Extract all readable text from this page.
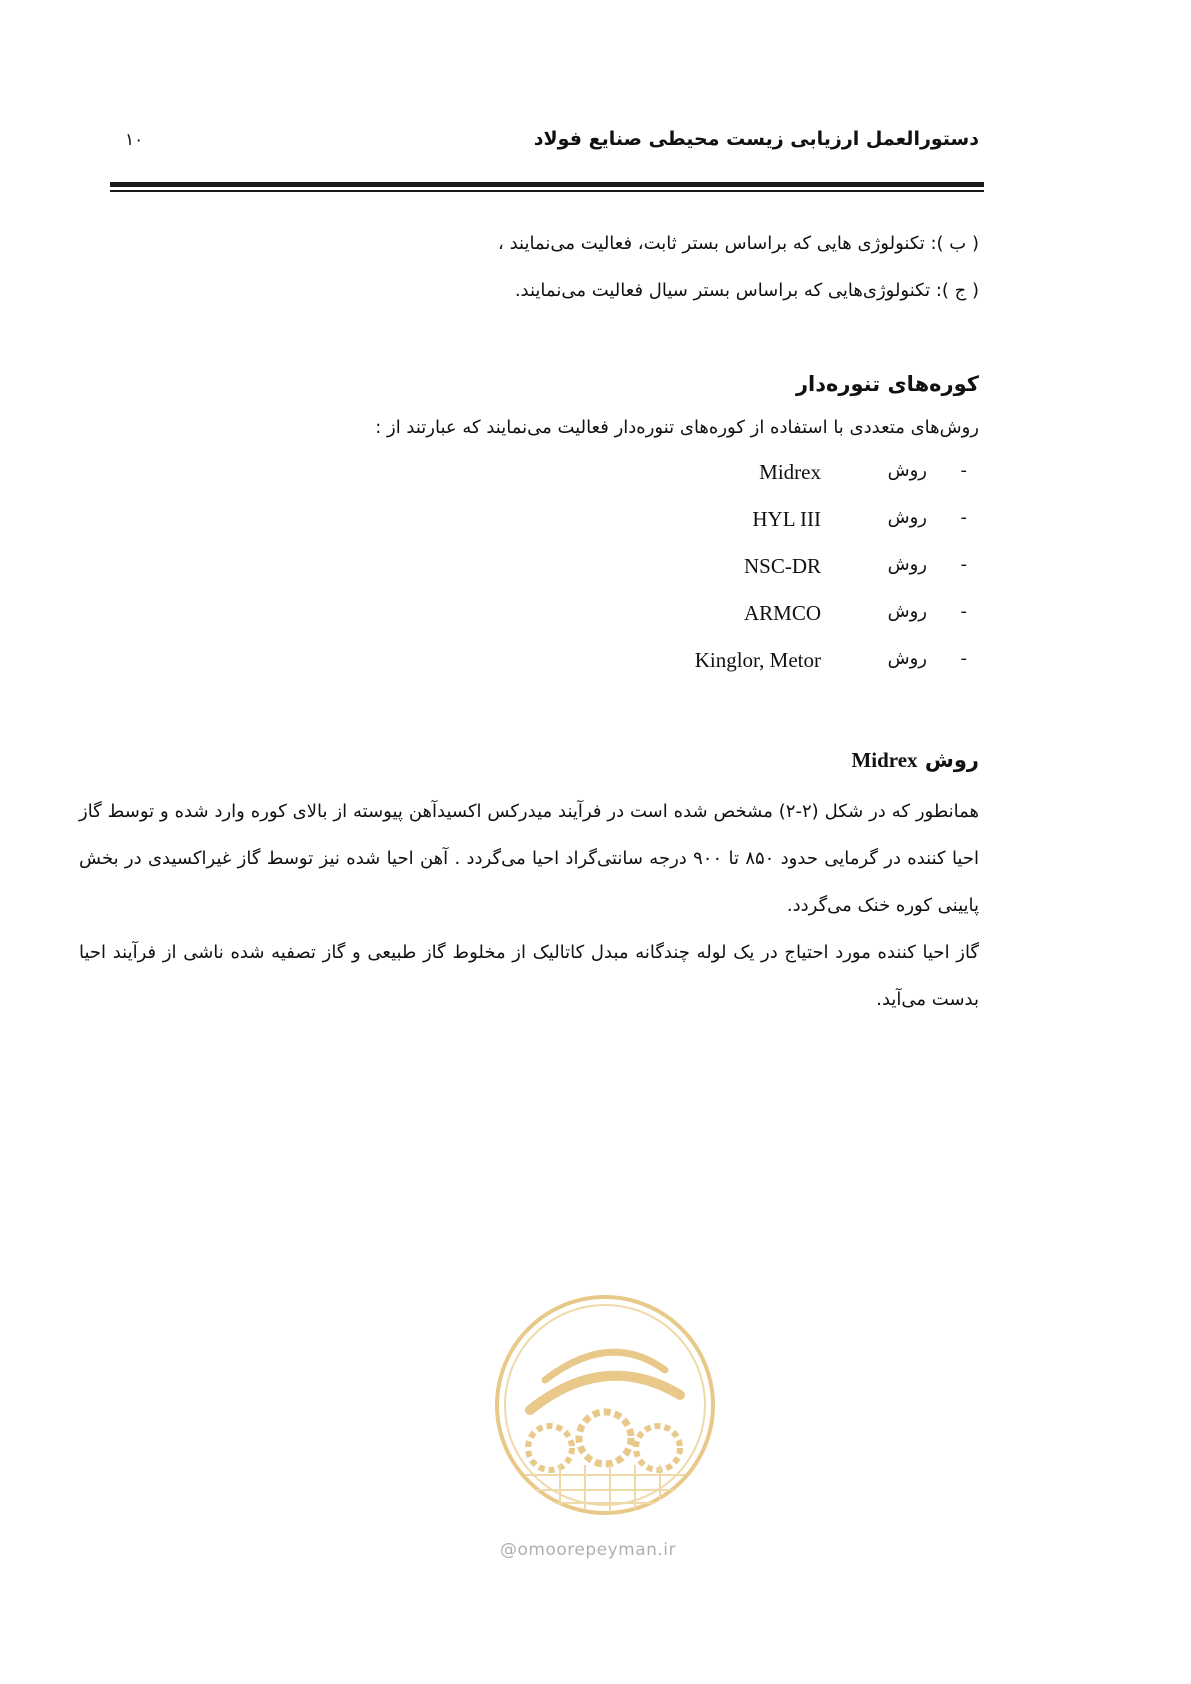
دستورالعمل ارزیابی زیست محیطی صنایع فولاد
۱۰
( ب ): تکنولوژی هایی که براساس بستر ثابت، فعالیت می‌نمایند ،
( ج ): تکنولوژی‌هایی که براساس بستر سیال فعالیت می‌نمایند.
کوره‌های تنوره‌دار
روش‌های متعددی با استفاده از کوره‌های تنوره‌دار فعالیت می‌نمایند که عبارتند از :
-
روش
Midrex
-
روش
HYL III
-
روش
NSC-DR
-
روش
ARMCO
-
روش
Kinglor, Metor
روش Midrex
همانطور که در شکل (۲-۲) مشخص شده است در فرآیند میدرکس اکسیدآهن پیوسته از بالای کوره وارد شده و توسط گاز احیا کننده در گرمایی حدود ۸۵۰ تا ۹۰۰ درجه سانتی‌گراد احیا می‌گردد . آهن احیا شده نیز توسط گاز غیراکسیدی در بخش پایینی کوره خنک می‌گردد.
گاز احیا کننده مورد احتیاج در یک لوله چندگانه مبدل کاتالیک از مخلوط گاز طبیعی و گاز تصفیه شده ناشی از فرآیند احیا بدست می‌آید.
@omoorepeyman.ir
